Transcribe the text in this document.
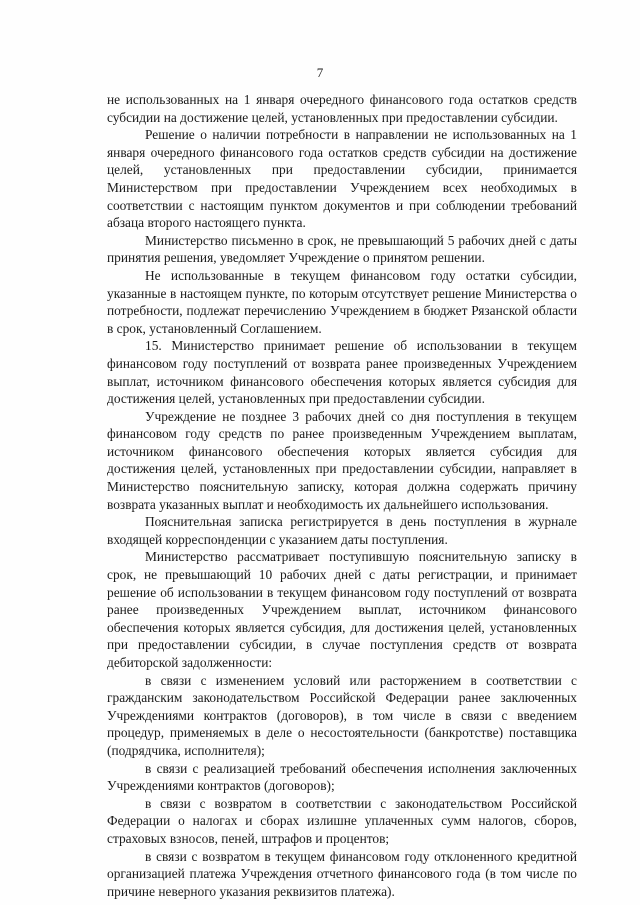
7

не использованных на 1 января очередного финансового года остатков средств субсидии на достижение целей, установленных при предоставлении субсидии.

Решение о наличии потребности в направлении не использованных на 1 января очередного финансового года остатков средств субсидии на достижение целей, установленных при предоставлении субсидии, принимается Министерством при предоставлении Учреждением всех необходимых в соответствии с настоящим пунктом документов и при соблюдении требований абзаца второго настоящего пункта.

Министерство письменно в срок, не превышающий 5 рабочих дней с даты принятия решения, уведомляет Учреждение о принятом решении.

Не использованные в текущем финансовом году остатки субсидии, указанные в настоящем пункте, по которым отсутствует решение Министерства о потребности, подлежат перечислению Учреждением в бюджет Рязанской области в срок, установленный Соглашением.

15. Министерство принимает решение об использовании в текущем финансовом году поступлений от возврата ранее произведенных Учреждением выплат, источником финансового обеспечения которых является субсидия для достижения целей, установленных при предоставлении субсидии.

Учреждение не позднее 3 рабочих дней со дня поступления в текущем финансовом году средств по ранее произведенным Учреждением выплатам, источником финансового обеспечения которых является субсидия для достижения целей, установленных при предоставлении субсидии, направляет в Министерство пояснительную записку, которая должна содержать причину возврата указанных выплат и необходимость их дальнейшего использования.

Пояснительная записка регистрируется в день поступления в журнале входящей корреспонденции с указанием даты поступления.

Министерство рассматривает поступившую пояснительную записку в срок, не превышающий 10 рабочих дней с даты регистрации, и принимает решение об использовании в текущем финансовом году поступлений от возврата ранее произведенных Учреждением выплат, источником финансового обеспечения которых является субсидия, для достижения целей, установленных при предоставлении субсидии, в случае поступления средств от возврата дебиторской задолженности:

в связи с изменением условий или расторжением в соответствии с гражданским законодательством Российской Федерации ранее заключенных Учреждениями контрактов (договоров), в том числе в связи с введением процедур, применяемых в деле о несостоятельности (банкротстве) поставщика (подрядчика, исполнителя);

в связи с реализацией требований обеспечения исполнения заключенных Учреждениями контрактов (договоров);

в связи с возвратом в соответствии с законодательством Российской Федерации о налогах и сборах излишне уплаченных сумм налогов, сборов, страховых взносов, пеней, штрафов и процентов;

в связи с возвратом в текущем финансовом году отклоненного кредитной организацией платежа Учреждения отчетного финансового года (в том числе по причине неверного указания реквизитов платежа).
